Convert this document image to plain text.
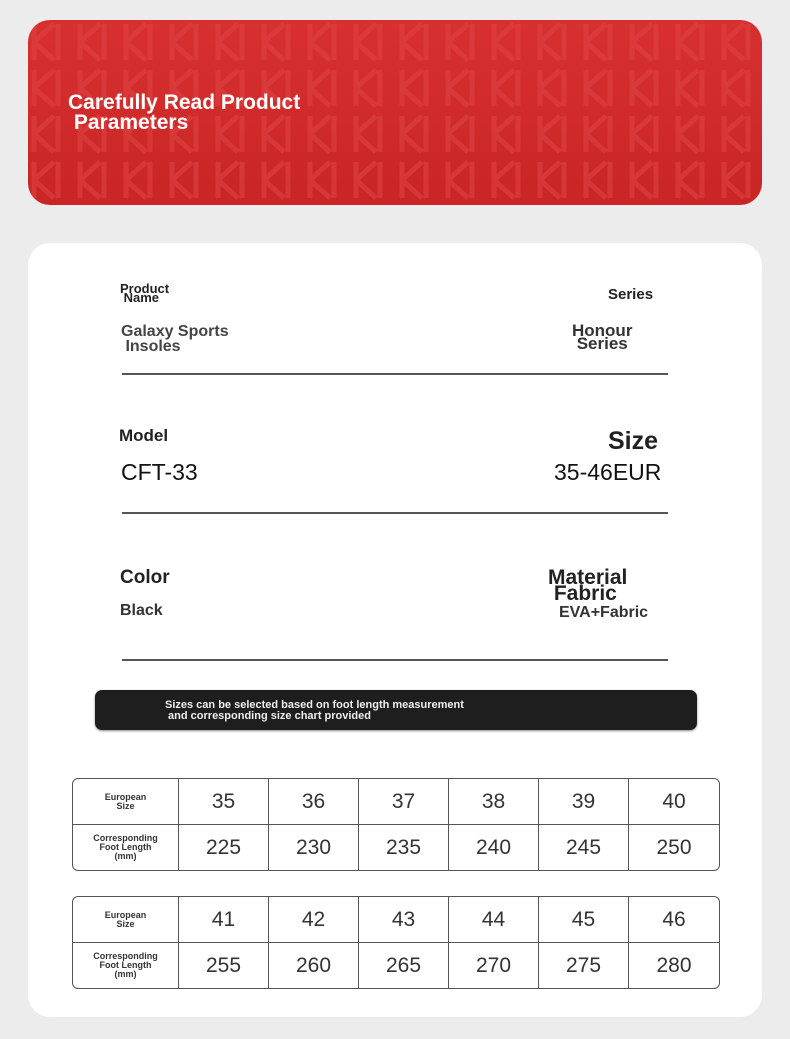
Carefully Read Product
Parameters
Product
Name
Galaxy Sports
Insoles
Series
Honour
Series
Model
CFT-33
Size
35-46EUR
Color
Black
Material
Fabric
EVA+Fabric
Sizes can be selected based on foot length measurement
and corresponding size chart provided
European
Size	35	36	37	38	39	40
Corresponding
Foot Length
(mm)	225	230	235	240	245	250
European
Size	41	42	43	44	45	46
Corresponding
Foot Length
(mm)	255	260	265	270	275	280
